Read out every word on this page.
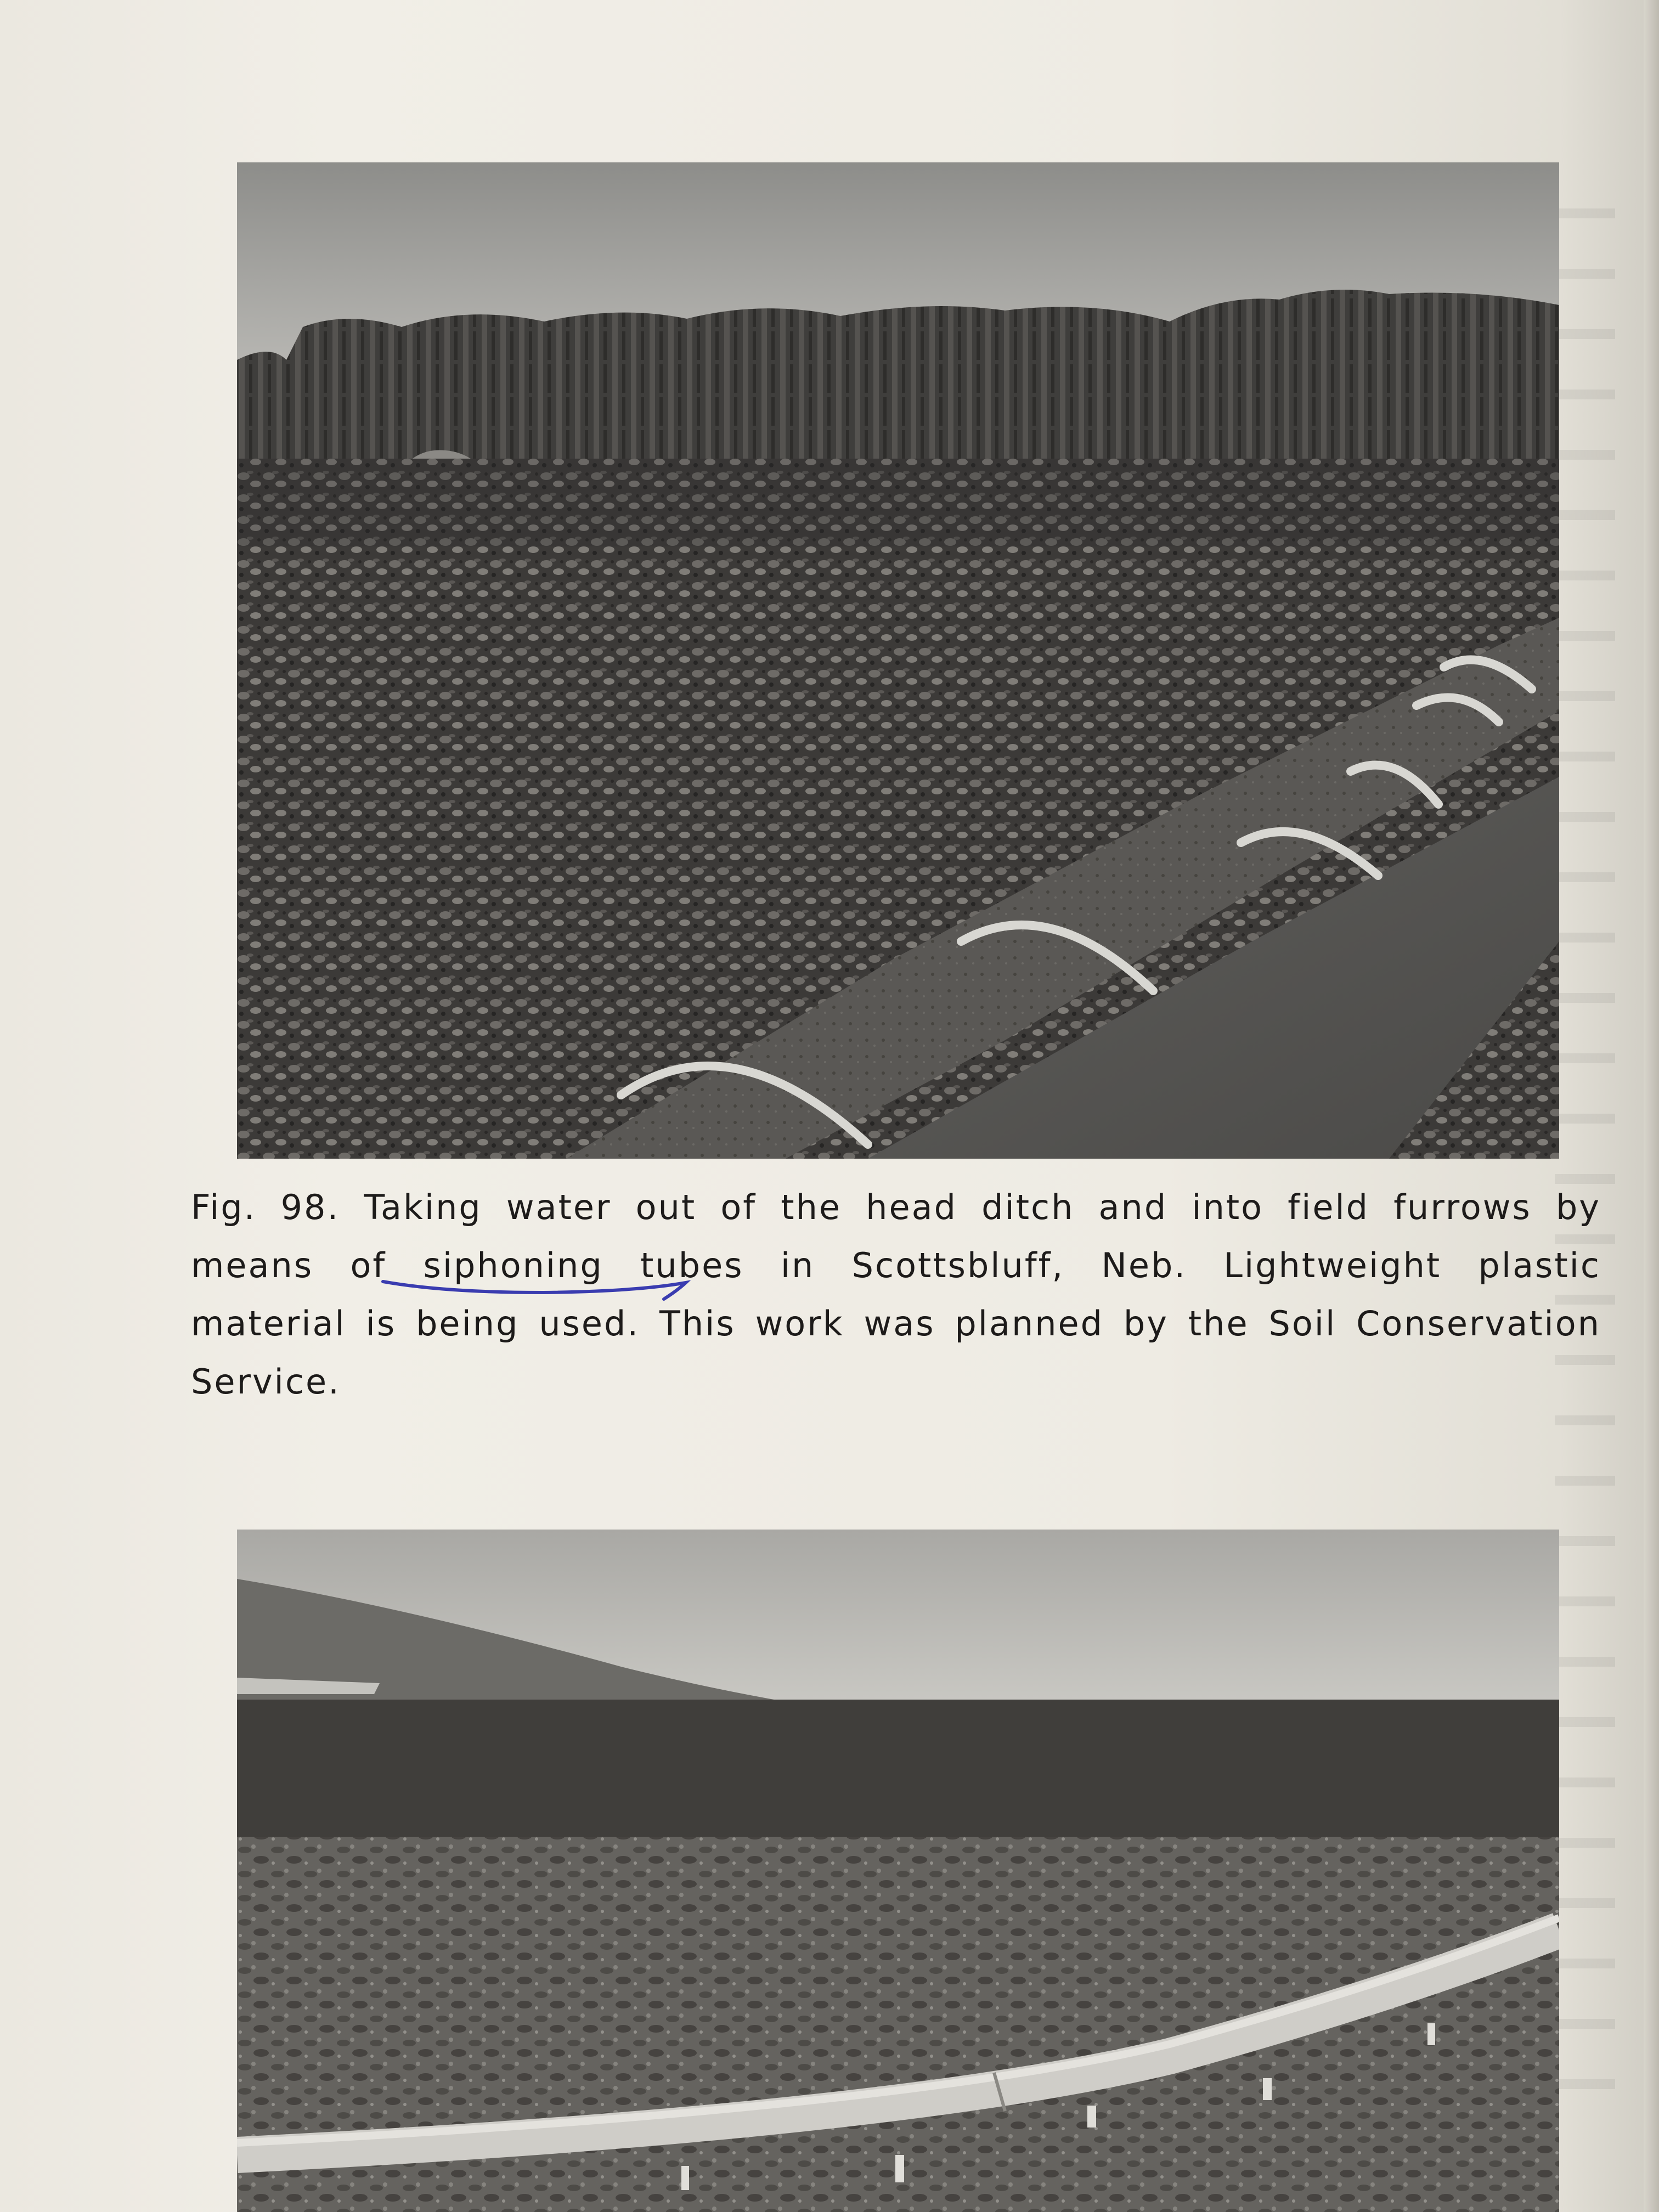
Fig. 98. Taking water out of the head ditch and into field furrows by means of siphoning tubes in Scottsbluff, Neb. Lightweight plastic material is being used. This work was planned by the Soil Conservation Service.
